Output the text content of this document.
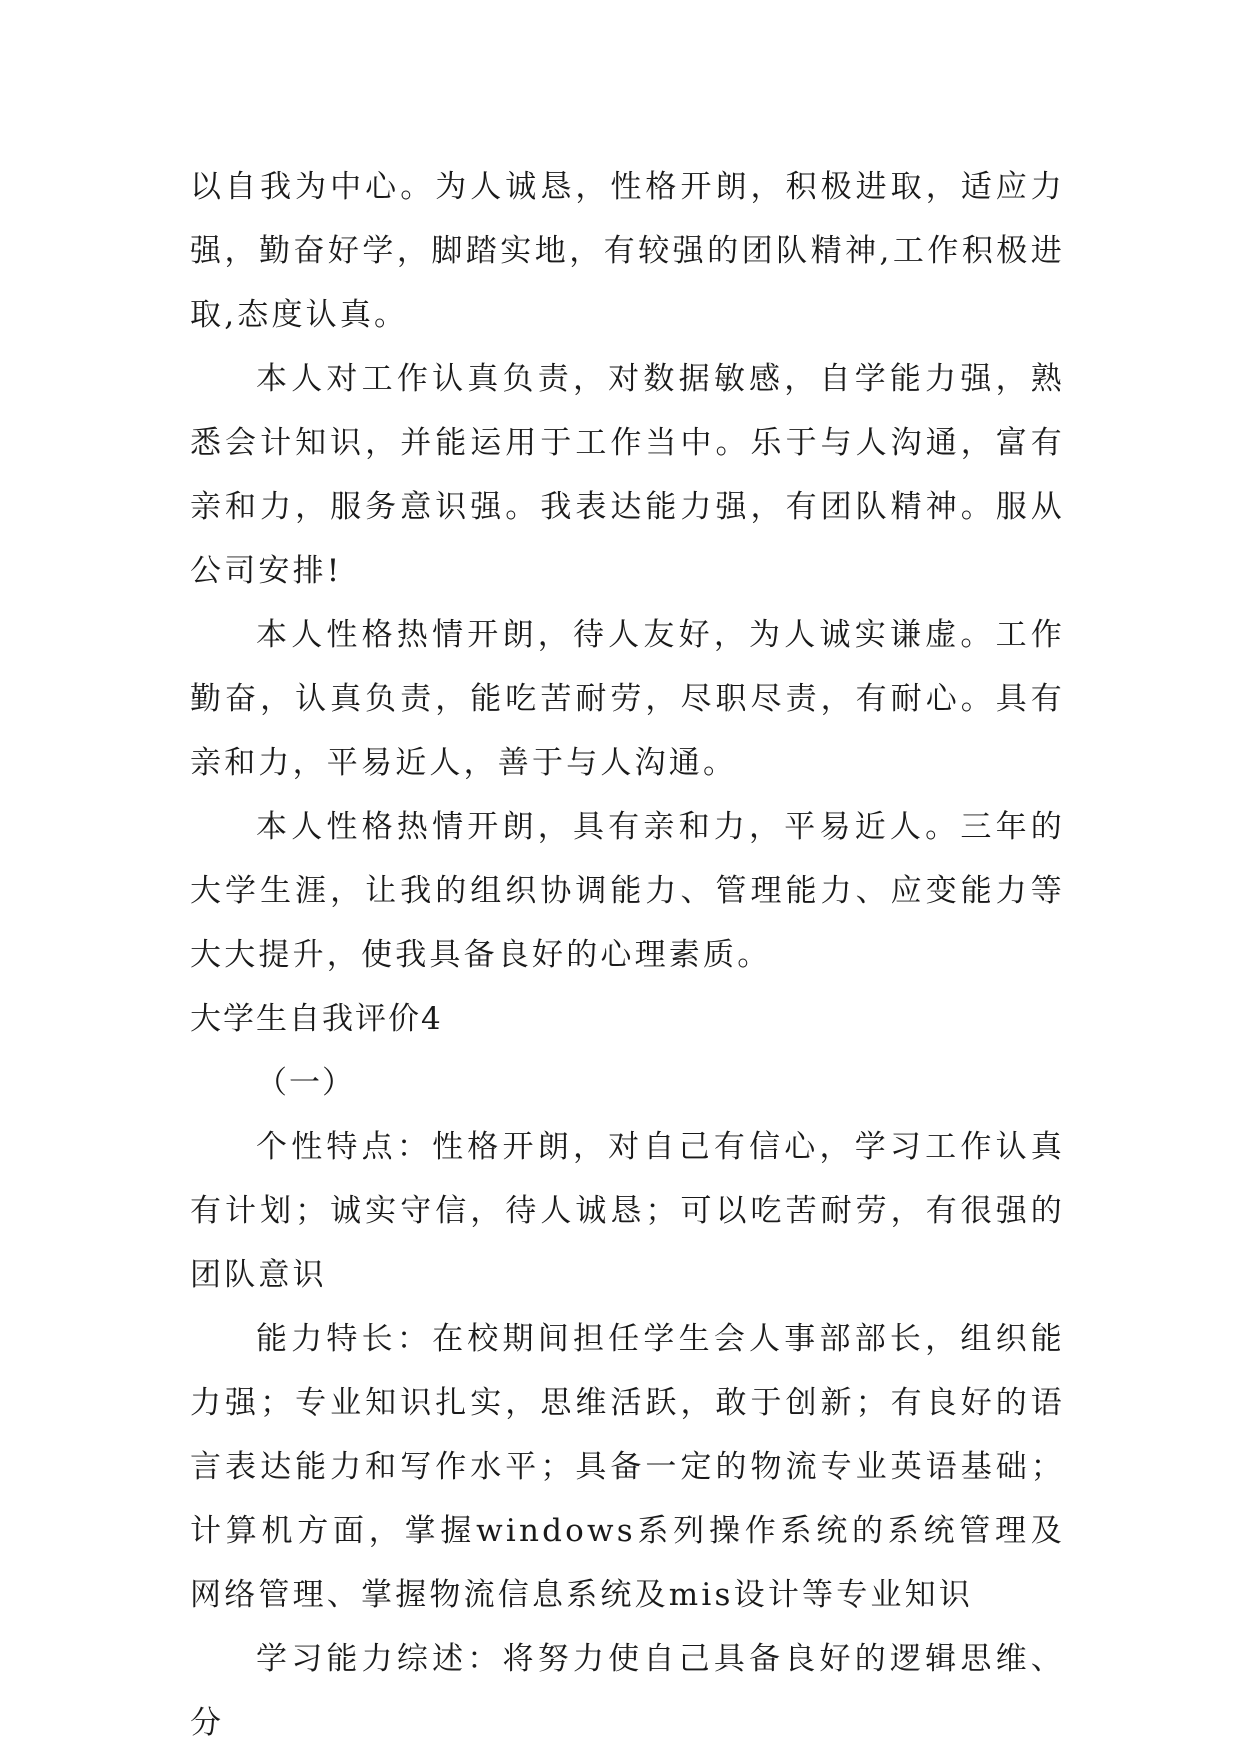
以自我为中心。为人诚恳，性格开朗，积极进取，适应力强，勤奋好学，脚踏实地，有较强的团队精神,工作积极进取,态度认真。

本人对工作认真负责，对数据敏感，自学能力强，熟悉会计知识，并能运用于工作当中。乐于与人沟通，富有亲和力，服务意识强。我表达能力强，有团队精神。服从公司安排!

本人性格热情开朗，待人友好，为人诚实谦虚。工作勤奋，认真负责，能吃苦耐劳，尽职尽责，有耐心。具有亲和力，平易近人，善于与人沟通。

本人性格热情开朗，具有亲和力，平易近人。三年的大学生涯，让我的组织协调能力、管理能力、应变能力等大大提升，使我具备良好的心理素质。

大学生自我评价4

（一）

个性特点：性格开朗，对自己有信心，学习工作认真有计划；诚实守信，待人诚恳；可以吃苦耐劳，有很强的团队意识

能力特长：在校期间担任学生会人事部部长，组织能力强；专业知识扎实，思维活跃，敢于创新；有良好的语言表达能力和写作水平；具备一定的物流专业英语基础；计算机方面，掌握windows系列操作系统的系统管理及网络管理、掌握物流信息系统及mis设计等专业知识

学习能力综述：将努力使自己具备良好的逻辑思维、分
